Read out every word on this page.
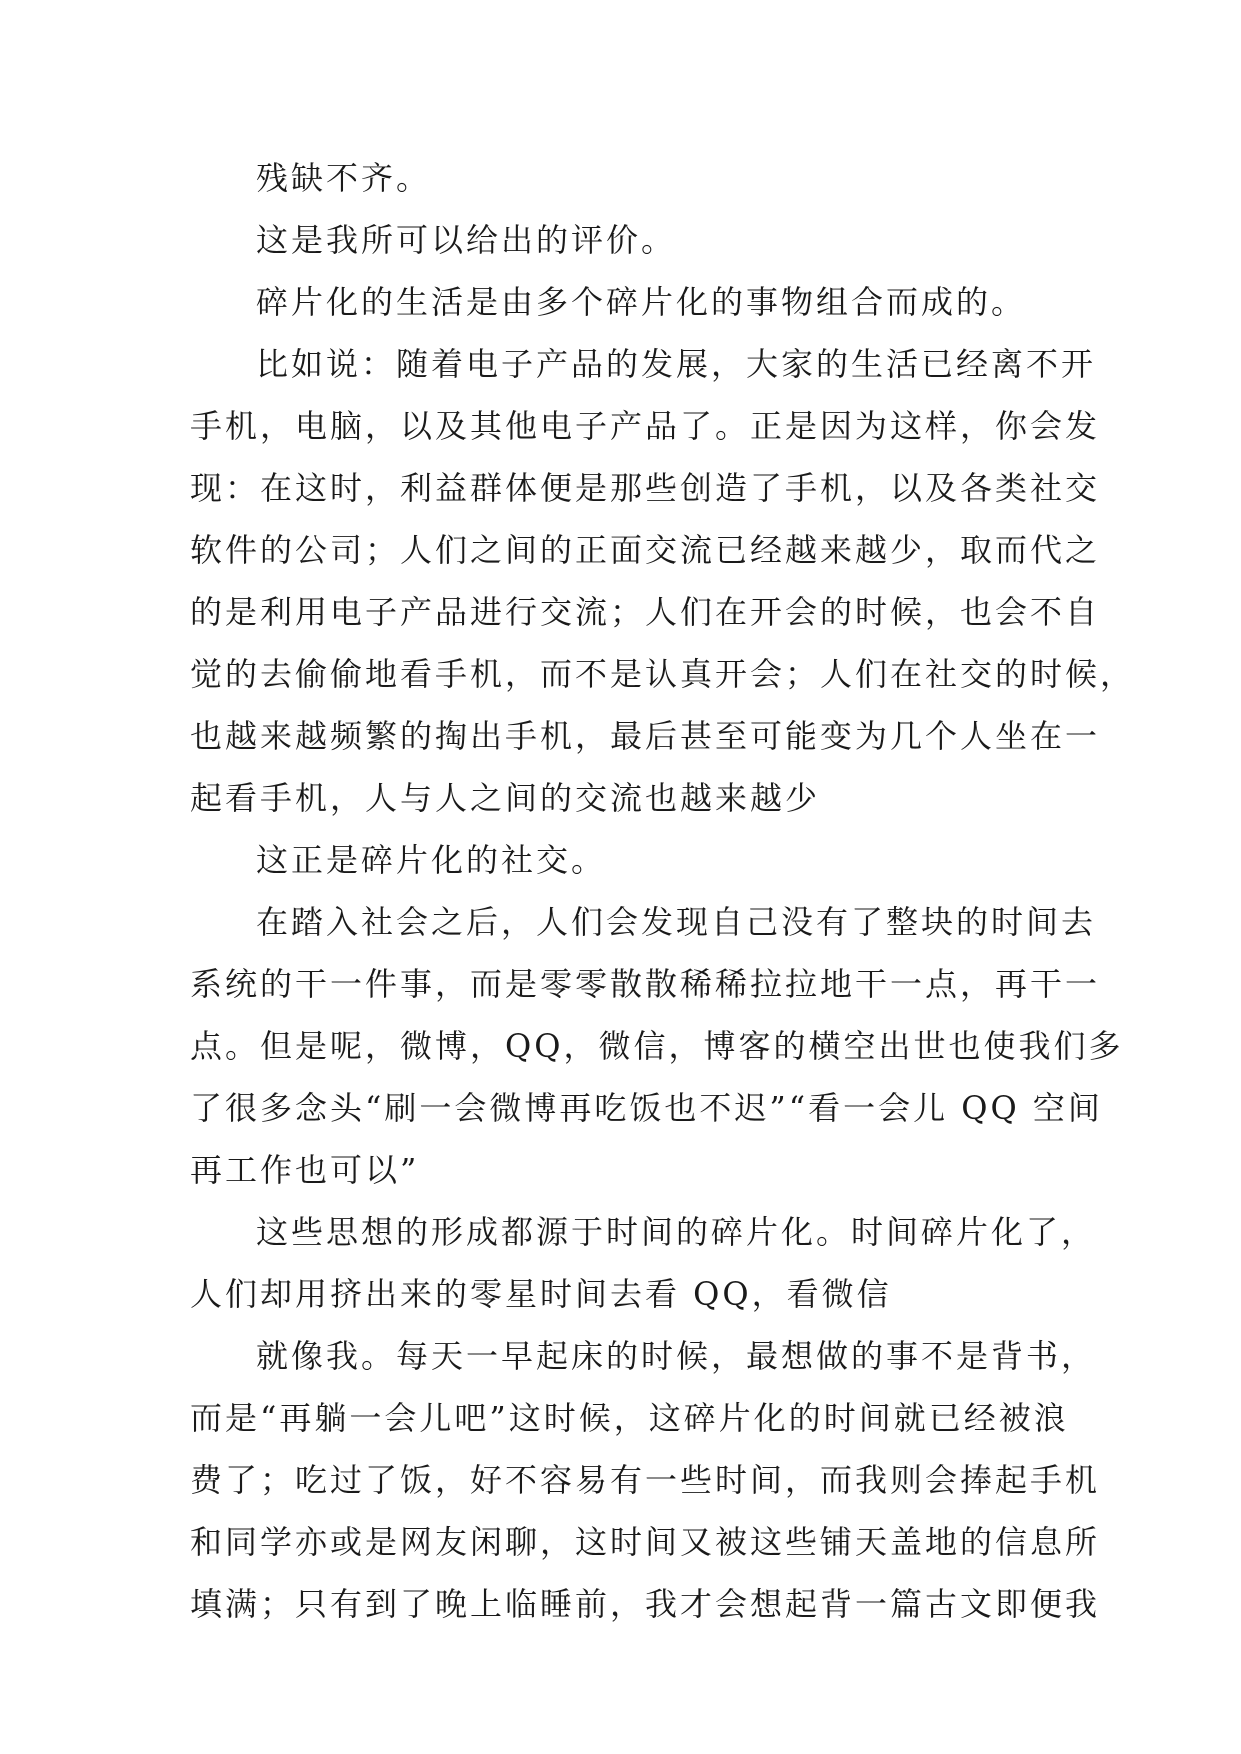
残缺不齐。
这是我所可以给出的评价。
碎片化的生活是由多个碎片化的事物组合而成的。
比如说：随着电子产品的发展，大家的生活已经离不开
手机，电脑，以及其他电子产品了。正是因为这样，你会发
现：在这时，利益群体便是那些创造了手机，以及各类社交
软件的公司；人们之间的正面交流已经越来越少，取而代之
的是利用电子产品进行交流；人们在开会的时候，也会不自
觉的去偷偷地看手机，而不是认真开会；人们在社交的时候，
也越来越频繁的掏出手机，最后甚至可能变为几个人坐在一
起看手机，人与人之间的交流也越来越少
这正是碎片化的社交。
在踏入社会之后，人们会发现自己没有了整块的时间去
系统的干一件事，而是零零散散稀稀拉拉地干一点，再干一
点。但是呢，微博，QQ，微信，博客的横空出世也使我们多
了很多念头“刷一会微博再吃饭也不迟”“看一会儿 QQ 空间
再工作也可以”
这些思想的形成都源于时间的碎片化。时间碎片化了，
人们却用挤出来的零星时间去看 QQ，看微信
就像我。每天一早起床的时候，最想做的事不是背书，
而是“再躺一会儿吧”这时候，这碎片化的时间就已经被浪
费了；吃过了饭，好不容易有一些时间，而我则会捧起手机
和同学亦或是网友闲聊，这时间又被这些铺天盖地的信息所
填满；只有到了晚上临睡前，我才会想起背一篇古文即便我
